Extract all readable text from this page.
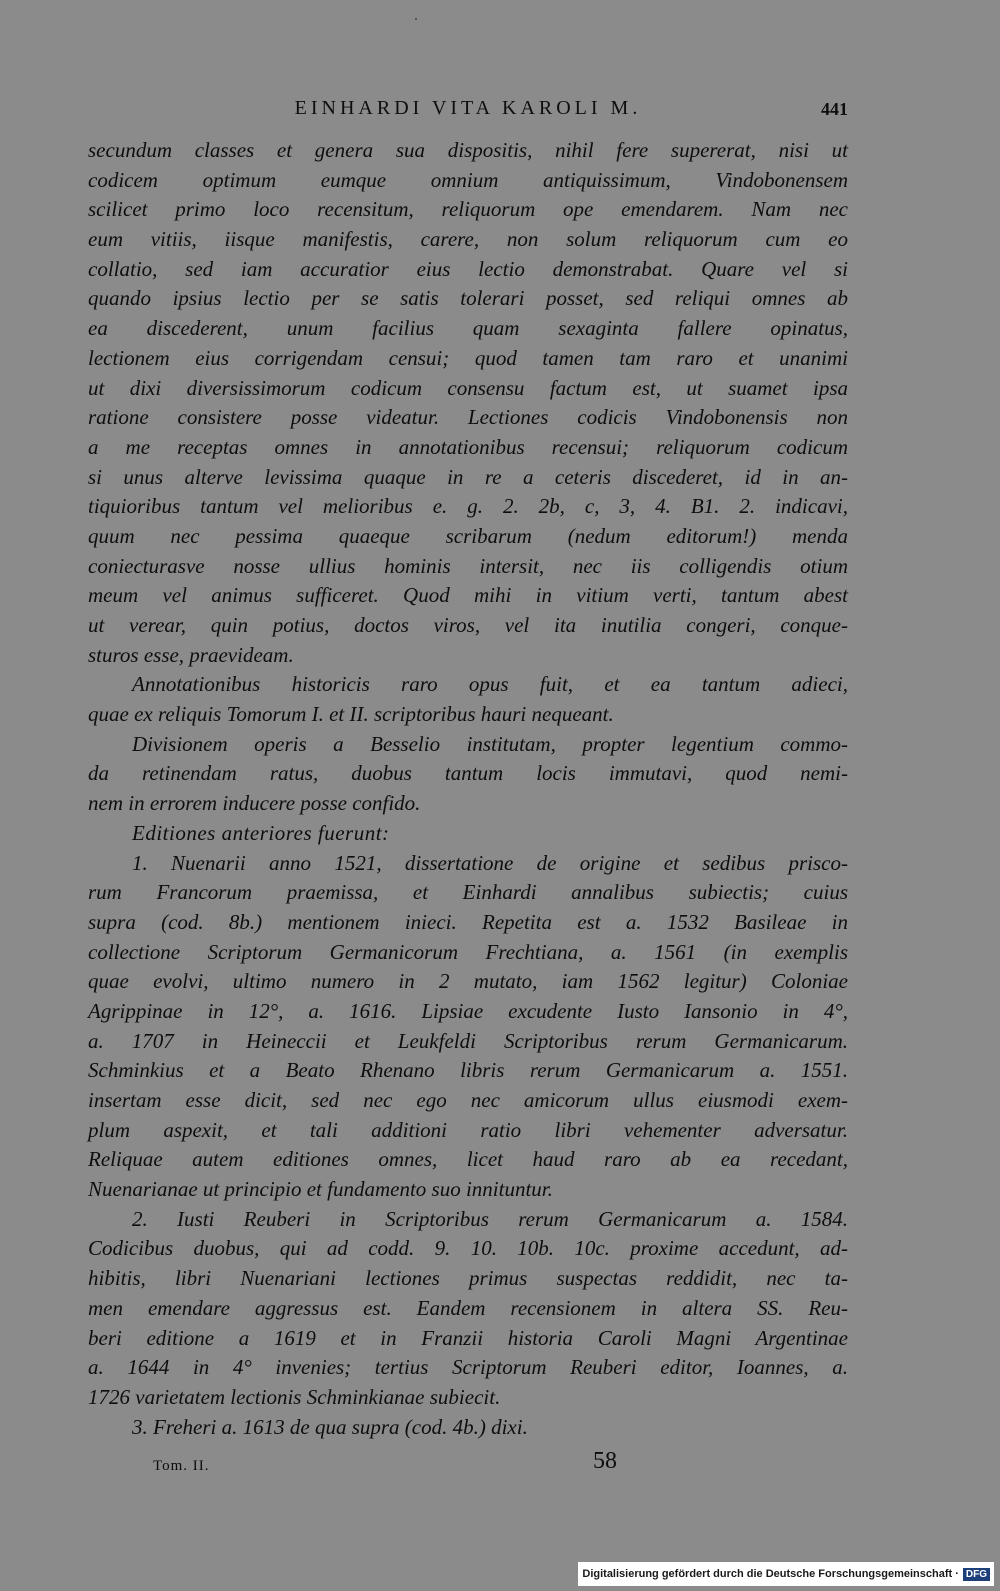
EINHARDI VITA KAROLI M.	441
secundum classes et genera sua dispositis, nihil fere supererat, nisi ut
codicem optimum eumque omnium antiquissimum, Vindobonensem
scilicet primo loco recensitum, reliquorum ope emendarem. Nam nec
eum vitiis, iisque manifestis, carere, non solum reliquorum cum eo
collatio, sed iam accuratior eius lectio demonstrabat. Quare vel si
quando ipsius lectio per se satis tolerari posset, sed reliqui omnes ab
ea discederent, unum facilius quam sexaginta fallere opinatus,
lectionem eius corrigendam censui; quod tamen tam raro et unanimi
ut dixi diversissimorum codicum consensu factum est, ut suamet ipsa
ratione consistere posse videatur. Lectiones codicis Vindobonensis non
a me receptas omnes in annotationibus recensui; reliquorum codicum
si unus alterve levissima quaque in re a ceteris discederet, id in an-
tiquioribus tantum vel melioribus e. g. 2. 2b, c, 3, 4. B1. 2. indicavi,
quum nec pessima quaeque scribarum (nedum editorum!) menda
coniecturasve nosse ullius hominis intersit, nec iis colligendis otium
meum vel animus sufficeret. Quod mihi in vitium verti, tantum abest
ut verear, quin potius, doctos viros, vel ita inutilia congeri, conque-
sturos esse, praevideam.
Annotationibus historicis raro opus fuit, et ea tantum adieci,
quae ex reliquis Tomorum I. et II. scriptoribus hauri nequeant.
Divisionem operis a Besselio institutam, propter legentium commo-
da retinendam ratus, duobus tantum locis immutavi, quod nemi-
nem in errorem inducere posse confido.
Editiones anteriores fuerunt:
1. Nuenarii anno 1521, dissertatione de origine et sedibus prisco-
rum Francorum praemissa, et Einhardi annalibus subiectis; cuius
supra (cod. 8b.) mentionem inieci. Repetita est a. 1532 Basileae in
collectione Scriptorum Germanicorum Frechtiana, a. 1561 (in exemplis
quae evolvi, ultimo numero in 2 mutato, iam 1562 legitur) Coloniae
Agrippinae in 12°, a. 1616. Lipsiae excudente Iusto Iansonio in 4°,
a. 1707 in Heineccii et Leukfeldi Scriptoribus rerum Germanicarum.
Schminkius et a Beato Rhenano libris rerum Germanicarum a. 1551.
insertam esse dicit, sed nec ego nec amicorum ullus eiusmodi exem-
plum aspexit, et tali additioni ratio libri vehementer adversatur.
Reliquae autem editiones omnes, licet haud raro ab ea recedant,
Nuenarianae ut principio et fundamento suo innituntur.
2. Iusti Reuberi in Scriptoribus rerum Germanicarum a. 1584.
Codicibus duobus, qui ad codd. 9. 10. 10b. 10c. proxime accedunt, ad-
hibitis, libri Nuenariani lectiones primus suspectas reddidit, nec ta-
men emendare aggressus est. Eandem recensionem in altera SS. Reu-
beri editione a 1619 et in Franzii historia Caroli Magni Argentinae
a. 1644 in 4° invenies; tertius Scriptorum Reuberi editor, Ioannes, a.
1726 varietatem lectionis Schminkianae subiecit.
3. Freheri a. 1613 de qua supra (cod. 4b.) dixi.
Tom. II.	58
Digitalisierung gefördert durch die Deutsche Forschungsgemeinschaft · DFG
